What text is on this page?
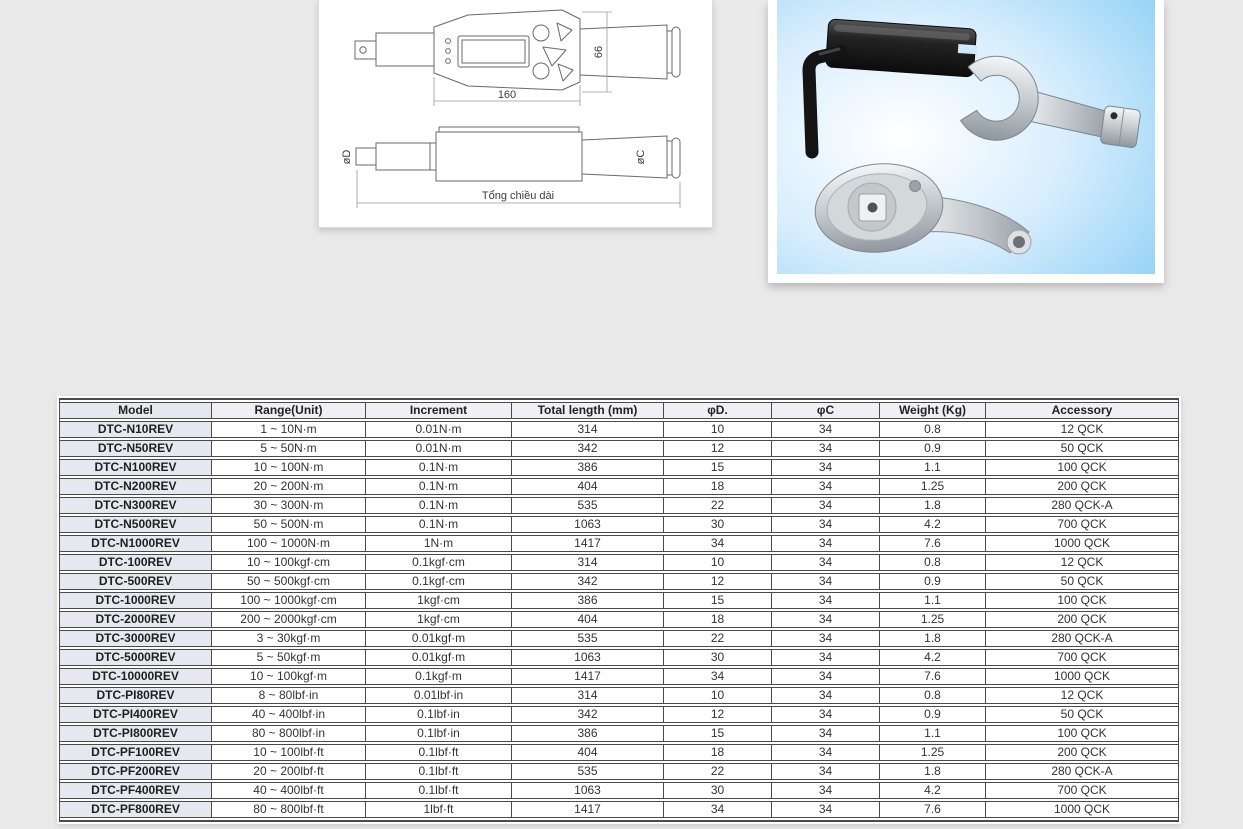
160
66
øD	øC
Tổng chiều dài
Model	Range(Unit)	Increment	Total length (mm)	φD.	φC	Weight (Kg)	Accessory
DTC-N10REV	1 ~ 10N·m	0.01N·m	314	10	34	0.8	12 QCK
DTC-N50REV	5 ~ 50N·m	0.01N·m	342	12	34	0.9	50 QCK
DTC-N100REV	10 ~ 100N·m	0.1N·m	386	15	34	1.1	100 QCK
DTC-N200REV	20 ~ 200N·m	0.1N·m	404	18	34	1.25	200 QCK
DTC-N300REV	30 ~ 300N·m	0.1N·m	535	22	34	1.8	280 QCK-A
DTC-N500REV	50 ~ 500N·m	0.1N·m	1063	30	34	4.2	700 QCK
DTC-N1000REV	100 ~ 1000N·m	1N·m	1417	34	34	7.6	1000 QCK
DTC-100REV	10 ~ 100kgf·cm	0.1kgf·cm	314	10	34	0.8	12 QCK
DTC-500REV	50 ~ 500kgf·cm	0.1kgf·cm	342	12	34	0.9	50 QCK
DTC-1000REV	100 ~ 1000kgf·cm	1kgf·cm	386	15	34	1.1	100 QCK
DTC-2000REV	200 ~ 2000kgf·cm	1kgf·cm	404	18	34	1.25	200 QCK
DTC-3000REV	3 ~ 30kgf·m	0.01kgf·m	535	22	34	1.8	280 QCK-A
DTC-5000REV	5 ~ 50kgf·m	0.01kgf·m	1063	30	34	4.2	700 QCK
DTC-10000REV	10 ~ 100kgf·m	0.1kgf·m	1417	34	34	7.6	1000 QCK
DTC-PI80REV	8 ~ 80lbf·in	0.01lbf·in	314	10	34	0.8	12 QCK
DTC-PI400REV	40 ~ 400lbf·in	0.1lbf·in	342	12	34	0.9	50 QCK
DTC-PI800REV	80 ~ 800lbf·in	0.1lbf·in	386	15	34	1.1	100 QCK
DTC-PF100REV	10 ~ 100lbf·ft	0.1lbf·ft	404	18	34	1.25	200 QCK
DTC-PF200REV	20 ~ 200lbf·ft	0.1lbf·ft	535	22	34	1.8	280 QCK-A
DTC-PF400REV	40 ~ 400lbf·ft	0.1lbf·ft	1063	30	34	4.2	700 QCK
DTC-PF800REV	80 ~ 800lbf·ft	1lbf·ft	1417	34	34	7.6	1000 QCK
